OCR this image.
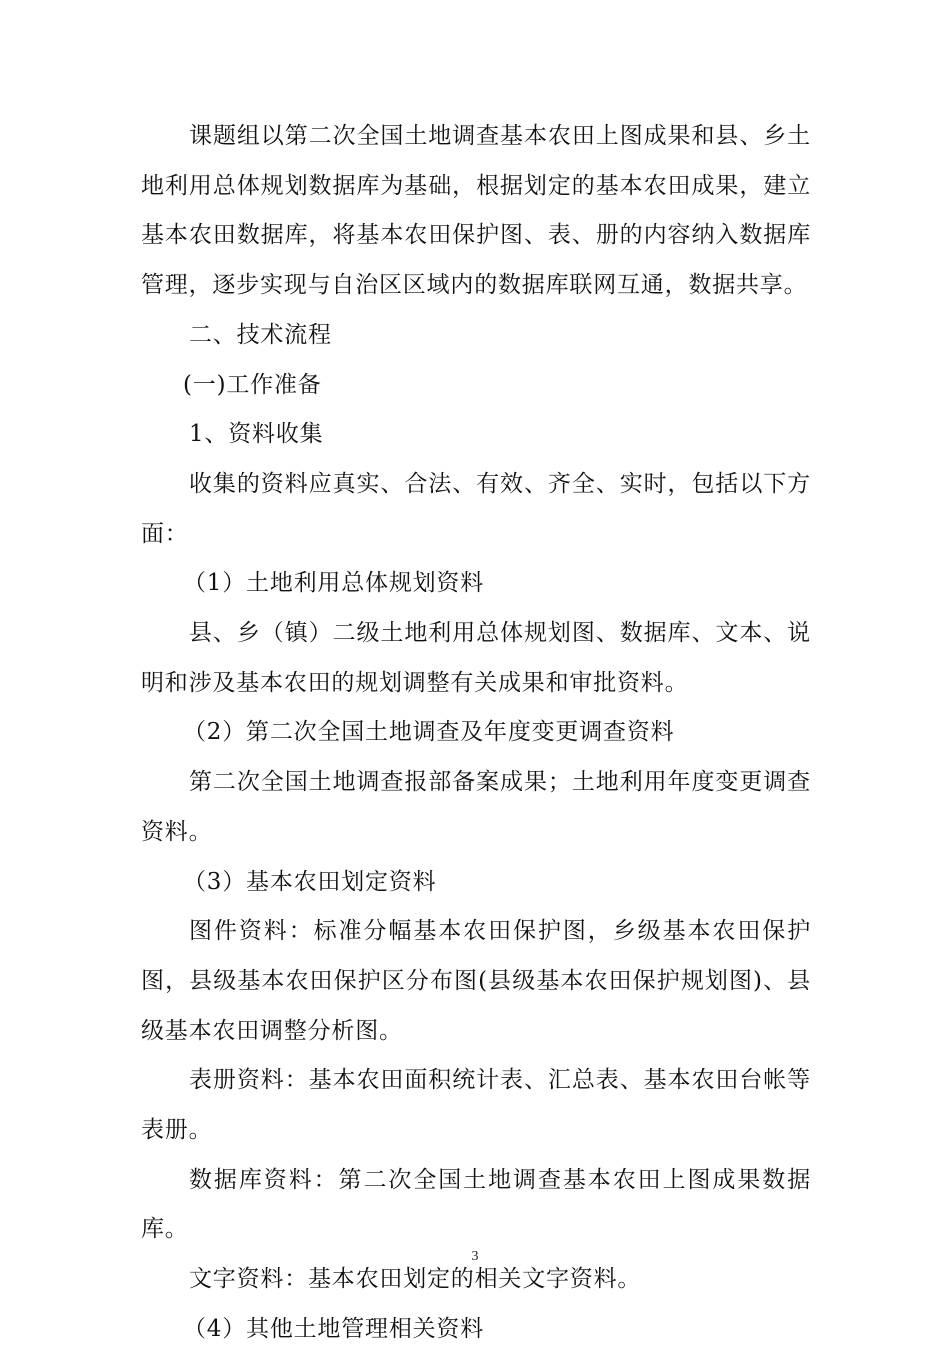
课题组以第二次全国土地调查基本农田上图成果和县、乡土地利用总体规划数据库为基础，根据划定的基本农田成果，建立基本农田数据库，将基本农田保护图、表、册的内容纳入数据库管理，逐步实现与自治区区域内的数据库联网互通，数据共享。

二、技术流程

(一)工作准备

1、资料收集

收集的资料应真实、合法、有效、齐全、实时，包括以下方面：

（1）土地利用总体规划资料

县、乡（镇）二级土地利用总体规划图、数据库、文本、说明和涉及基本农田的规划调整有关成果和审批资料。

（2）第二次全国土地调查及年度变更调查资料

第二次全国土地调查报部备案成果；土地利用年度变更调查资料。

（3）基本农田划定资料

图件资料：标准分幅基本农田保护图，乡级基本农田保护图，县级基本农田保护区分布图(县级基本农田保护规划图)、县级基本农田调整分析图。

表册资料：基本农田面积统计表、汇总表、基本农田台帐等表册。

数据库资料：第二次全国土地调查基本农田上图成果数据库。

文字资料：基本农田划定的相关文字资料。

（4）其他土地管理相关资料

3
